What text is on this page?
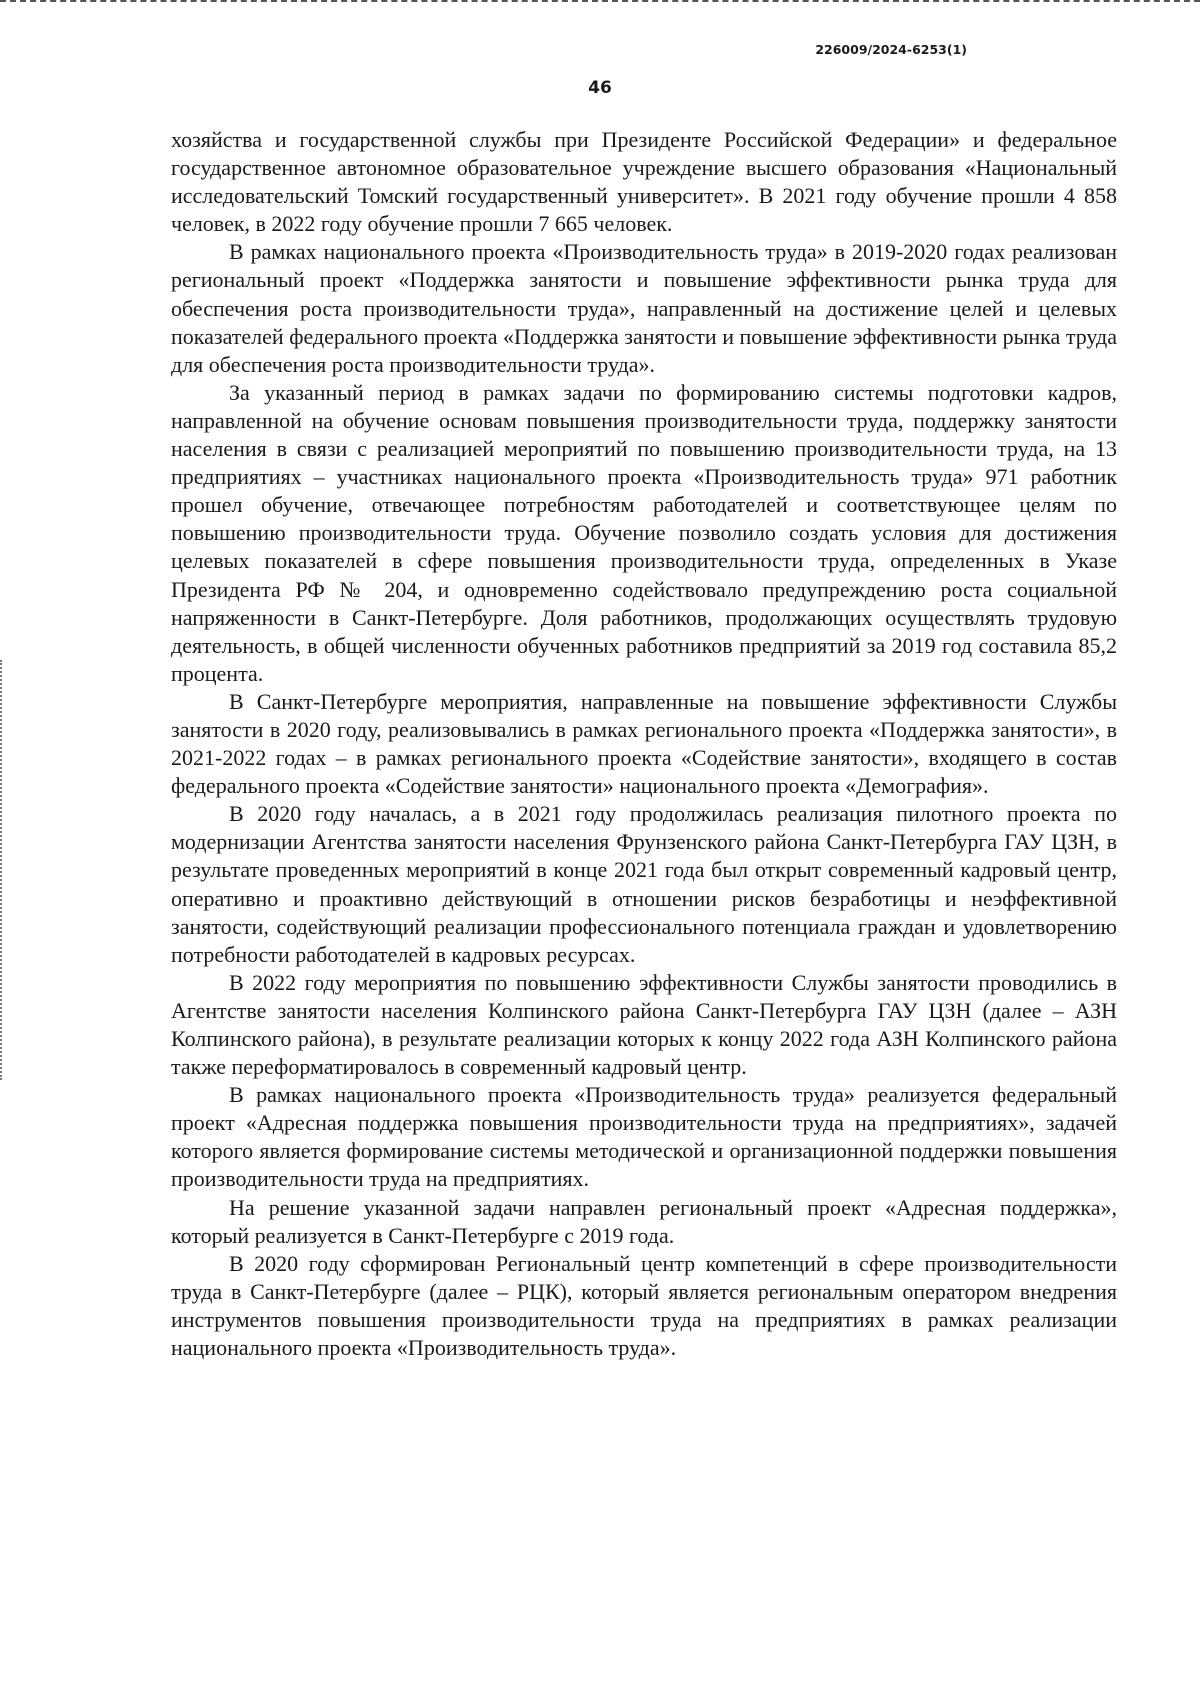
226009/2024-6253(1)
46

хозяйства и государственной службы при Президенте Российской Федерации» и федеральное государственное автономное образовательное учреждение высшего образования «Национальный исследовательский Томский государственный университет». В 2021 году обучение прошли 4 858 человек, в 2022 году обучение прошли 7 665 человек.

В рамках национального проекта «Производительность труда» в 2019-2020 годах реализован региональный проект «Поддержка занятости и повышение эффективности рынка труда для обеспечения роста производительности труда», направленный на достижение целей и целевых показателей федерального проекта «Поддержка занятости и повышение эффективности рынка труда для обеспечения роста производительности труда».

За указанный период в рамках задачи по формированию системы подготовки кадров, направленной на обучение основам повышения производительности труда, поддержку занятости населения в связи с реализацией мероприятий по повышению производительности труда, на 13 предприятиях – участниках национального проекта «Производительность труда» 971 работник прошел обучение, отвечающее потребностям работодателей и соответствующее целям по повышению производительности труда. Обучение позволило создать условия для достижения целевых показателей в сфере повышения производительности труда, определенных в Указе Президента РФ № 204, и одновременно содействовало предупреждению роста социальной напряженности в Санкт-Петербурге. Доля работников, продолжающих осуществлять трудовую деятельность, в общей численности обученных работников предприятий за 2019 год составила 85,2 процента.

В Санкт-Петербурге мероприятия, направленные на повышение эффективности Службы занятости в 2020 году, реализовывались в рамках регионального проекта «Поддержка занятости», в 2021-2022 годах – в рамках регионального проекта «Содействие занятости», входящего в состав федерального проекта «Содействие занятости» национального проекта «Демография».

В 2020 году началась, а в 2021 году продолжилась реализация пилотного проекта по модернизации Агентства занятости населения Фрунзенского района Санкт-Петербурга ГАУ ЦЗН, в результате проведенных мероприятий в конце 2021 года был открыт современный кадровый центр, оперативно и проактивно действующий в отношении рисков безработицы и неэффективной занятости, содействующий реализации профессионального потенциала граждан и удовлетворению потребности работодателей в кадровых ресурсах.

В 2022 году мероприятия по повышению эффективности Службы занятости проводились в Агентстве занятости населения Колпинского района Санкт-Петербурга ГАУ ЦЗН (далее – АЗН Колпинского района), в результате реализации которых к концу 2022 года АЗН Колпинского района также переформатировалось в современный кадровый центр.

В рамках национального проекта «Производительность труда» реализуется федеральный проект «Адресная поддержка повышения производительности труда на предприятиях», задачей которого является формирование системы методической и организационной поддержки повышения производительности труда на предприятиях.

На решение указанной задачи направлен региональный проект «Адресная поддержка», который реализуется в Санкт-Петербурге с 2019 года.

В 2020 году сформирован Региональный центр компетенций в сфере производительности труда в Санкт-Петербурге (далее – РЦК), который является региональным оператором внедрения инструментов повышения производительности труда на предприятиях в рамках реализации национального проекта «Производительность труда».
